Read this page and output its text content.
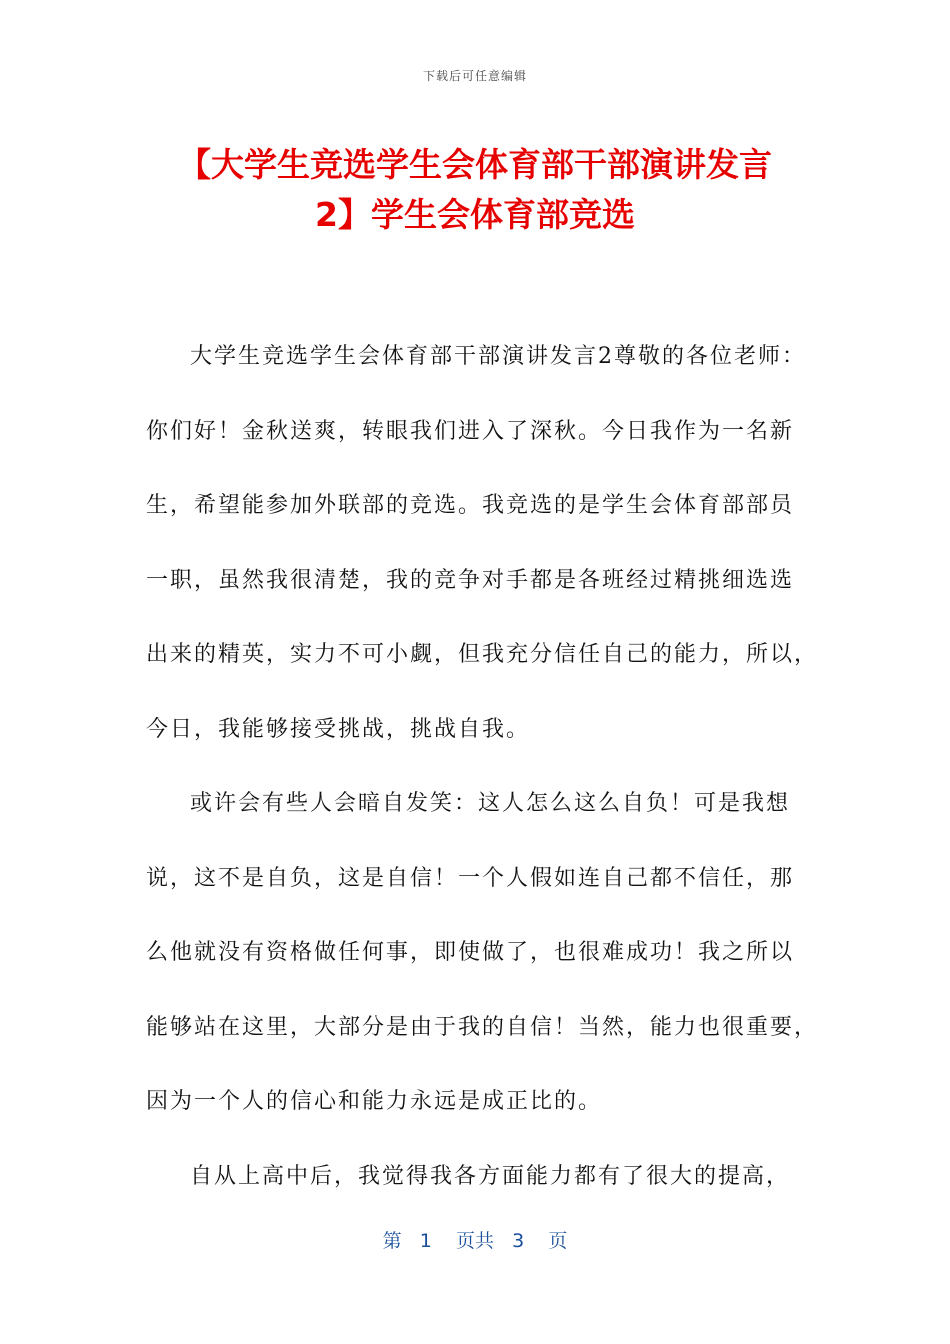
下载后可任意编辑
【大学生竞选学生会体育部干部演讲发言
2】学生会体育部竞选

大学生竞选学生会体育部干部演讲发言2尊敬的各位老师：
你们好！金秋送爽，转眼我们进入了深秋。今日我作为一名新
生，希望能参加外联部的竞选。我竞选的是学生会体育部部员
一职，虽然我很清楚，我的竞争对手都是各班经过精挑细选选
出来的精英，实力不可小觑，但我充分信任自己的能力，所以，
今日，我能够接受挑战，挑战自我。

或许会有些人会暗自发笑：这人怎么这么自负！可是我想
说，这不是自负，这是自信！一个人假如连自己都不信任，那
么他就没有资格做任何事，即使做了，也很难成功！我之所以
能够站在这里，大部分是由于我的自信！当然，能力也很重要，
因为一个人的信心和能力永远是成正比的。

自从上高中后，我觉得我各方面能力都有了很大的提高，

第 1 页共 3 页
